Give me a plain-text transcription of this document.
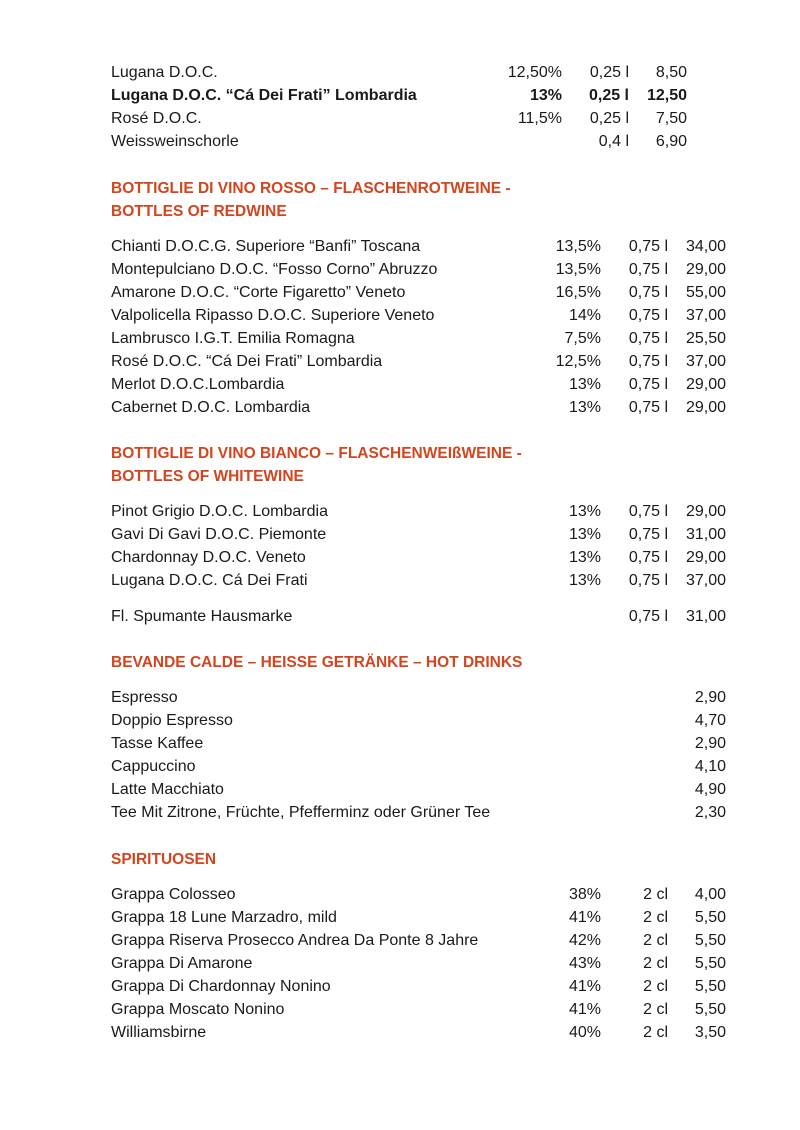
Lugana D.O.C.	12,50% 0,25 l 8,50
Lugana D.O.C. “Cá Dei Frati” Lombardia	13% 0,25 l 12,50
Rosé D.O.C.	11,5% 0,25 l 7,50
Weissweinschorle	0,4 l 6,90
BOTTIGLIE DI VINO ROSSO – FLASCHENROTWEINE -
BOTTLES OF REDWINE
Chianti D.O.C.G. Superiore “Banfi” Toscana	13,5% 0,75 l 34,00
Montepulciano D.O.C. “Fosso Corno” Abruzzo	13,5% 0,75 l 29,00
Amarone D.O.C. “Corte Figaretto” Veneto	16,5% 0,75 l 55,00
Valpolicella Ripasso D.O.C. Superiore Veneto	14% 0,75 l 37,00
Lambrusco I.G.T. Emilia Romagna	7,5% 0,75 l 25,50
Rosé D.O.C. “Cá Dei Frati” Lombardia	12,5% 0,75 l 37,00
Merlot D.O.C.Lombardia	13% 0,75 l 29,00
Cabernet D.O.C. Lombardia	13% 0,75 l 29,00
BOTTIGLIE DI VINO BIANCO – FLASCHENWEIßWEINE -
BOTTLES OF WHITEWINE
Pinot Grigio D.O.C. Lombardia	13% 0,75 l 29,00
Gavi Di Gavi D.O.C. Piemonte	13% 0,75 l 31,00
Chardonnay D.O.C. Veneto	13% 0,75 l 29,00
Lugana D.O.C. Cá Dei Frati	13% 0,75 l 37,00
Fl. Spumante Hausmarke	0,75 l 31,00
BEVANDE CALDE – HEISSE GETRÄNKE – HOT DRINKS
Espresso	2,90
Doppio Espresso	4,70
Tasse Kaffee	2,90
Cappuccino	4,10
Latte Macchiato	4,90
Tee Mit Zitrone, Früchte, Pfefferminz oder Grüner Tee	2,30
SPIRITUOSEN
Grappa Colosseo	38%	2 cl 4,00
Grappa 18 Lune Marzadro, mild	41%	2 cl 5,50
Grappa Riserva Prosecco Andrea Da Ponte 8 Jahre	42%	2 cl 5,50
Grappa Di Amarone	43%	2 cl 5,50
Grappa Di Chardonnay Nonino	41%	2 cl 5,50
Grappa Moscato Nonino	41%	2 cl 5,50
Williamsbirne	40%	2 cl 3,50
